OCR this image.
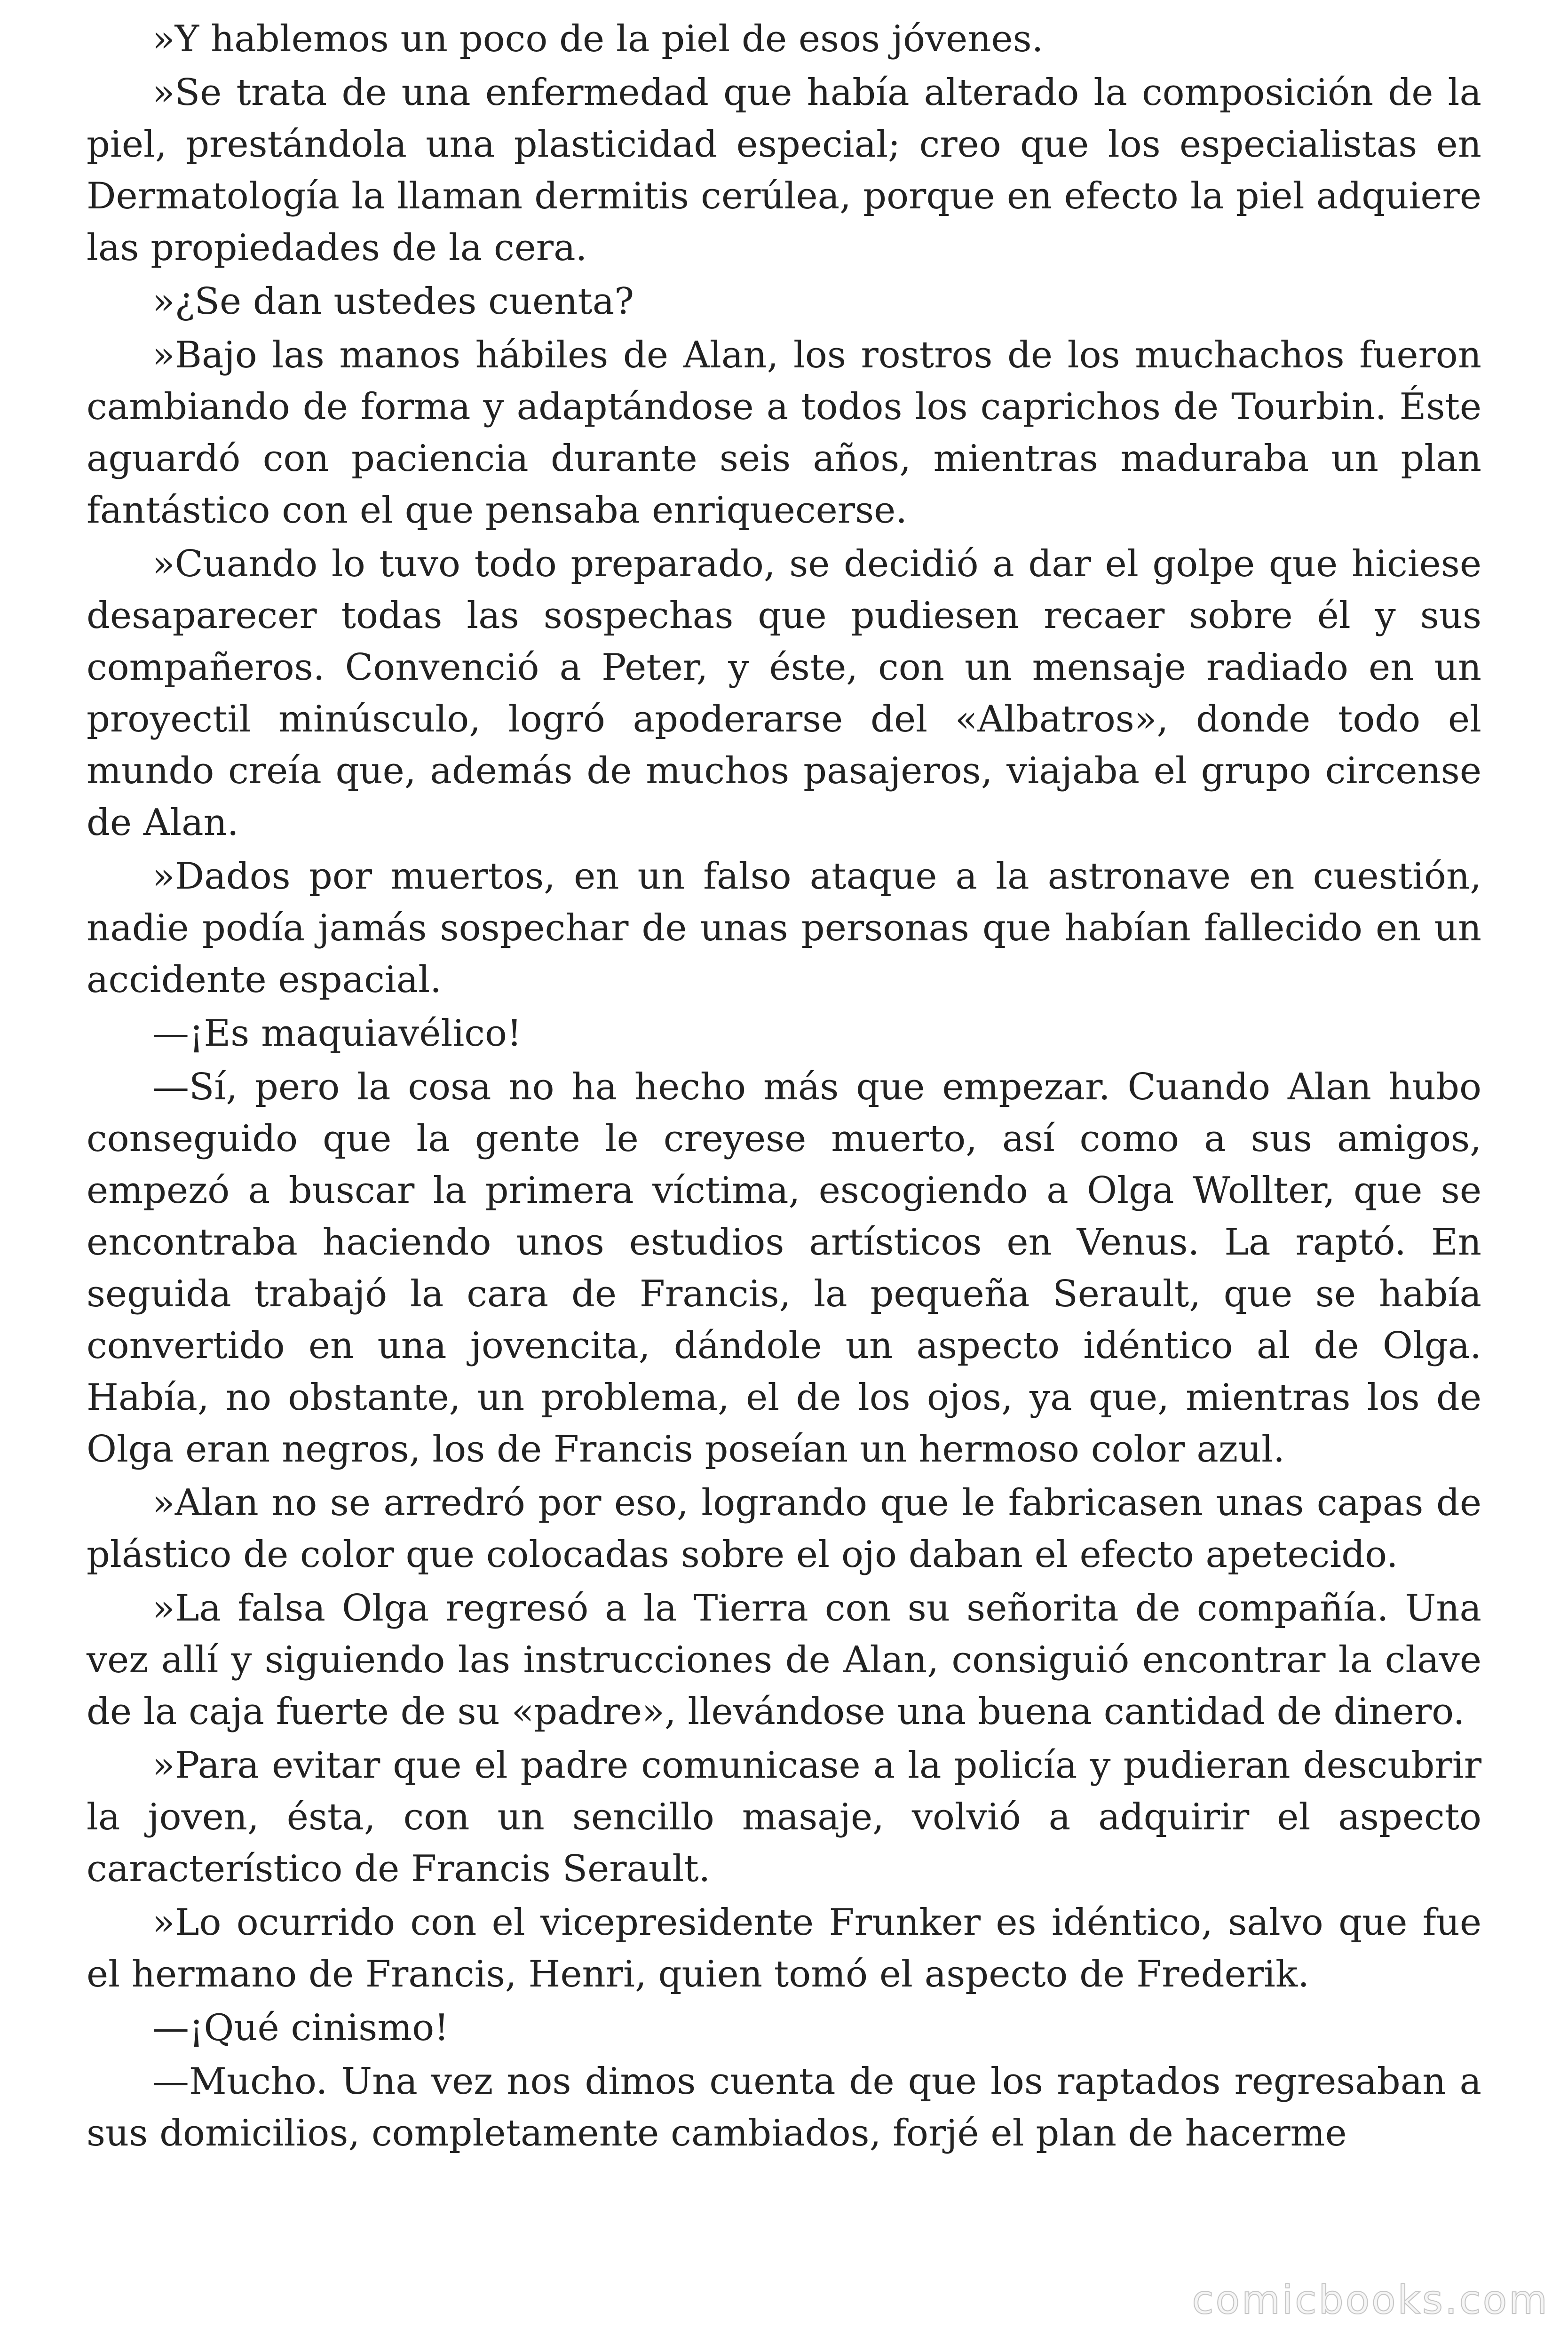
»Y hablemos un poco de la piel de esos jóvenes.

»Se trata de una enfermedad que había alterado la composición de la piel, prestándola una plasticidad especial; creo que los especialistas en Dermatología la llaman dermitis cerúlea, porque en efecto la piel adquiere las propiedades de la cera.

»¿Se dan ustedes cuenta?

»Bajo las manos hábiles de Alan, los rostros de los muchachos fueron cambiando de forma y adaptándose a todos los caprichos de Tourbin. Éste aguardó con paciencia durante seis años, mientras maduraba un plan fantástico con el que pensaba enriquecerse.

»Cuando lo tuvo todo preparado, se decidió a dar el golpe que hiciese desaparecer todas las sospechas que pudiesen recaer sobre él y sus compañeros. Convenció a Peter, y éste, con un mensaje radiado en un proyectil minúsculo, logró apoderarse del «Albatros», donde todo el mundo creía que, además de muchos pasajeros, viajaba el grupo circense de Alan.

»Dados por muertos, en un falso ataque a la astronave en cuestión, nadie podía jamás sospechar de unas personas que habían fallecido en un accidente espacial.

—¡Es maquiavélico!

—Sí, pero la cosa no ha hecho más que empezar. Cuando Alan hubo conseguido que la gente le creyese muerto, así como a sus amigos, empezó a buscar la primera víctima, escogiendo a Olga Wollter, que se encontraba haciendo unos estudios artísticos en Venus. La raptó. En seguida trabajó la cara de Francis, la pequeña Serault, que se había convertido en una jovencita, dándole un aspecto idéntico al de Olga. Había, no obstante, un problema, el de los ojos, ya que, mientras los de Olga eran negros, los de Francis poseían un hermoso color azul.

»Alan no se arredró por eso, logrando que le fabricasen unas capas de plástico de color que colocadas sobre el ojo daban el efecto apetecido.

»La falsa Olga regresó a la Tierra con su señorita de compañía. Una vez allí y siguiendo las instrucciones de Alan, consiguió encontrar la clave de la caja fuerte de su «padre», llevándose una buena cantidad de dinero.

»Para evitar que el padre comunicase a la policía y pudieran descubrir la joven, ésta, con un sencillo masaje, volvió a adquirir el aspecto característico de Francis Serault.

»Lo ocurrido con el vicepresidente Frunker es idéntico, salvo que fue el hermano de Francis, Henri, quien tomó el aspecto de Frederik.

—¡Qué cinismo!

—Mucho. Una vez nos dimos cuenta de que los raptados regresaban a sus domicilios, completamente cambiados, forjé el plan de hacerme

comicbooks.com
